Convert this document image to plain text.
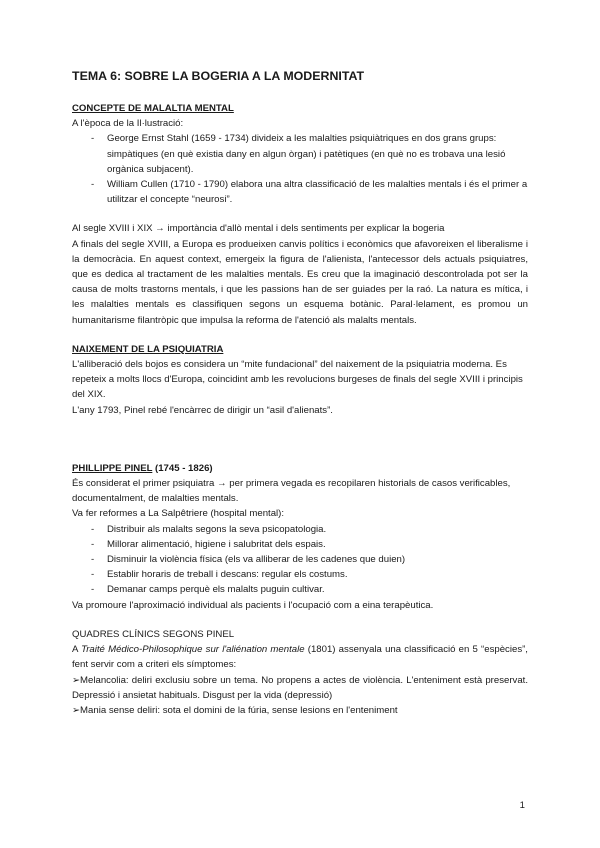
TEMA 6: SOBRE LA BOGERIA A LA MODERNITAT

CONCEPTE DE MALALTIA MENTAL

A l'època de la Il·lustració:

- George Ernst Stahl (1659 - 1734) divideix a les malalties psiquiàtriques en dos grans grups: simpàtiques (en què existia dany en algun òrgan) i patètiques (en què no es trobava una lesió orgànica subjacent).
- William Cullen (1710 - 1790) elabora una altra classificació de les malalties mentals i és el primer a utilitzar el concepte “neurosi”.

Al segle XVIII i XIX → importància d'allò mental i dels sentiments per explicar la bogeria

A finals del segle XVIII, a Europa es produeixen canvis polítics i econòmics que afavoreixen el liberalisme i la democràcia. En aquest context, emergeix la figura de l'alienista, l'antecessor dels actuals psiquiatres, que es dedica al tractament de les malalties mentals. Es creu que la imaginació descontrolada pot ser la causa de molts trastorns mentals, i que les passions han de ser guiades per la raó. La natura es mítica, i les malalties mentals es classifiquen segons un esquema botànic. Paral·lelament, es promou un humanitarisme filantròpic que impulsa la reforma de l'atenció als malalts mentals.

NAIXEMENT DE LA PSIQUIATRIA

L'alliberació dels bojos es considera un “mite fundacional” del naixement de la psiquiatria moderna. Es repeteix a molts llocs d'Europa, coincidint amb les revolucions burgeses de finals del segle XVIII i principis del XIX.

L'any 1793, Pinel rebé l'encàrrec de dirigir un “asil d'alienats”.

PHILLIPPE PINEL (1745 - 1826)

És considerat el primer psiquiatra → per primera vegada es recopilaren historials de casos verificables, documentalment, de malalties mentals.

Va fer reformes a La Salpêtriere (hospital mental):

- Distribuir als malalts segons la seva psicopatologia.
- Millorar alimentació, higiene i salubritat dels espais.
- Disminuir la violència física (els va alliberar de les cadenes que duien)
- Establir horaris de treball i descans: regular els costums.
- Demanar camps perquè els malalts puguin cultivar.

Va promoure l'aproximació individual als pacients i l'ocupació com a eina terapèutica.

QUADRES CLÍNICS SEGONS PINEL

A Traité Médico-Philosophique sur l'aliénation mentale (1801) assenyala una classificació en 5 “espècies”, fent servir com a criteri els símptomes:

➢Melancolia: deliri exclusiu sobre un tema. No propens a actes de violència. L'enteniment està preservat. Depressió i ansietat habituals. Disgust per la vida (depressió)

➢Mania sense deliri: sota el domini de la fúria, sense lesions en l'enteniment

1
